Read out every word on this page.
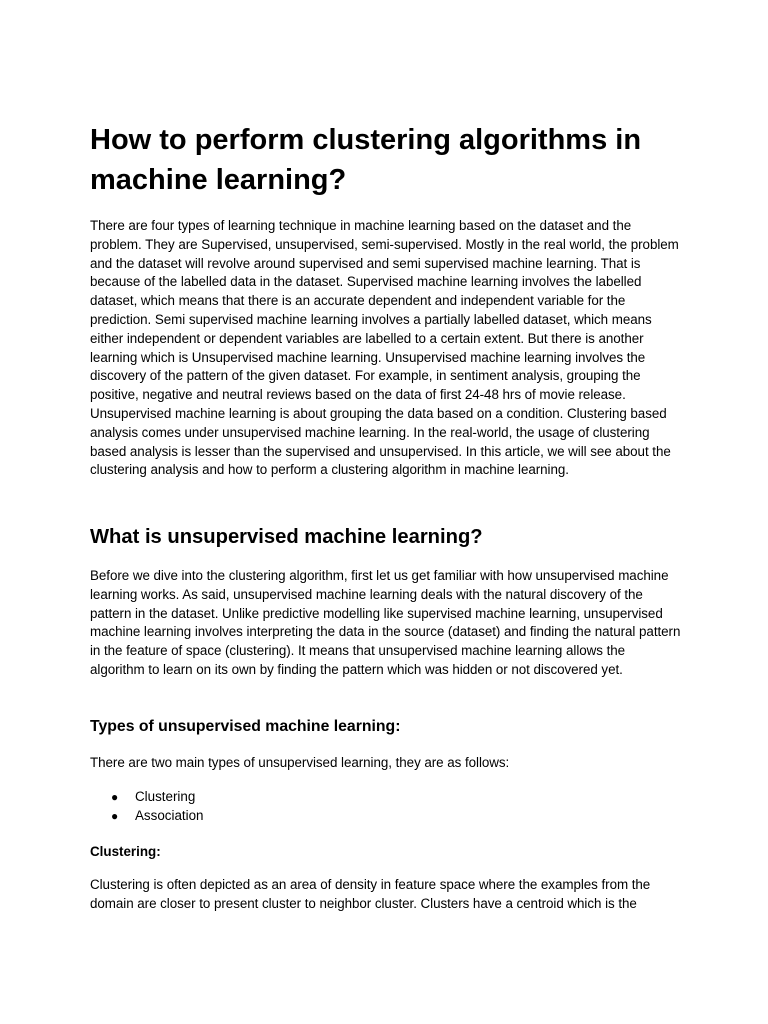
How to perform clustering algorithms in machine learning?

There are four types of learning technique in machine learning based on the dataset and the problem. They are Supervised, unsupervised, semi-supervised. Mostly in the real world, the problem and the dataset will revolve around supervised and semi supervised machine learning. That is because of the labelled data in the dataset. Supervised machine learning involves the labelled dataset, which means that there is an accurate dependent and independent variable for the prediction. Semi supervised machine learning involves a partially labelled dataset, which means either independent or dependent variables are labelled to a certain extent. But there is another learning which is Unsupervised machine learning. Unsupervised machine learning involves the discovery of the pattern of the given dataset. For example, in sentiment analysis, grouping the positive, negative and neutral reviews based on the data of first 24-48 hrs of movie release. Unsupervised machine learning is about grouping the data based on a condition. Clustering based analysis comes under unsupervised machine learning. In the real-world, the usage of clustering based analysis is lesser than the supervised and unsupervised. In this article, we will see about the clustering analysis and how to perform a clustering algorithm in machine learning.

What is unsupervised machine learning?

Before we dive into the clustering algorithm, first let us get familiar with how unsupervised machine learning works. As said, unsupervised machine learning deals with the natural discovery of the pattern in the dataset. Unlike predictive modelling like supervised machine learning, unsupervised machine learning involves interpreting the data in the source (dataset) and finding the natural pattern in the feature of space (clustering). It means that unsupervised machine learning allows the algorithm to learn on its own by finding the pattern which was hidden or not discovered yet.

Types of unsupervised machine learning:

There are two main types of unsupervised learning, they are as follows:

● Clustering
● Association
Clustering:

Clustering is often depicted as an area of density in feature space where the examples from the domain are closer to present cluster to neighbor cluster. Clusters have a centroid which is the
